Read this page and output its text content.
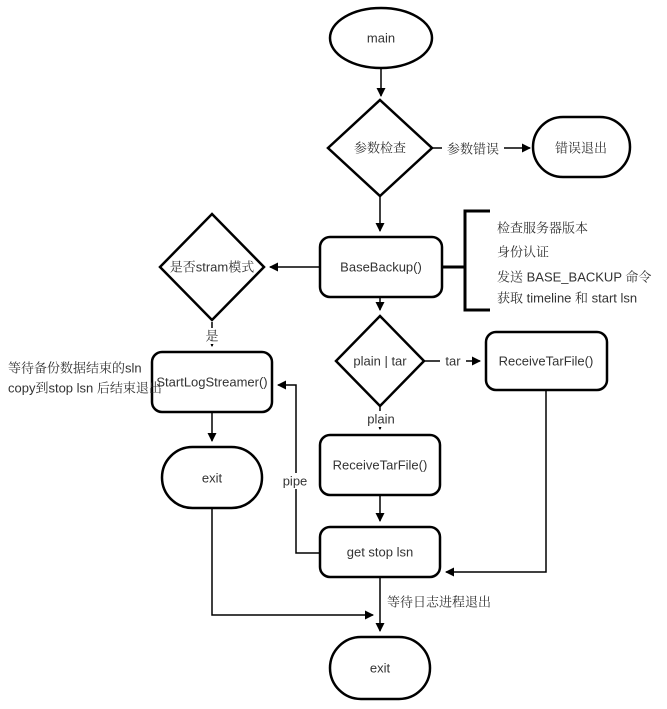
main
参数检查	错误退出
BaseBackup()
是否stram模式
StartLogStreamer()
exit
plain | tar	ReceiveTarFile()
ReceiveTarFile()
get stop lsn
exit
参数错误
是
tar
plain
pipe
等待日志进程退出
检查服务器版本
身份认证
发送 BASE_BACKUP 命令
获取 timeline 和 start lsn
等待备份数据结束的sln
copy到stop lsn 后结束退出
